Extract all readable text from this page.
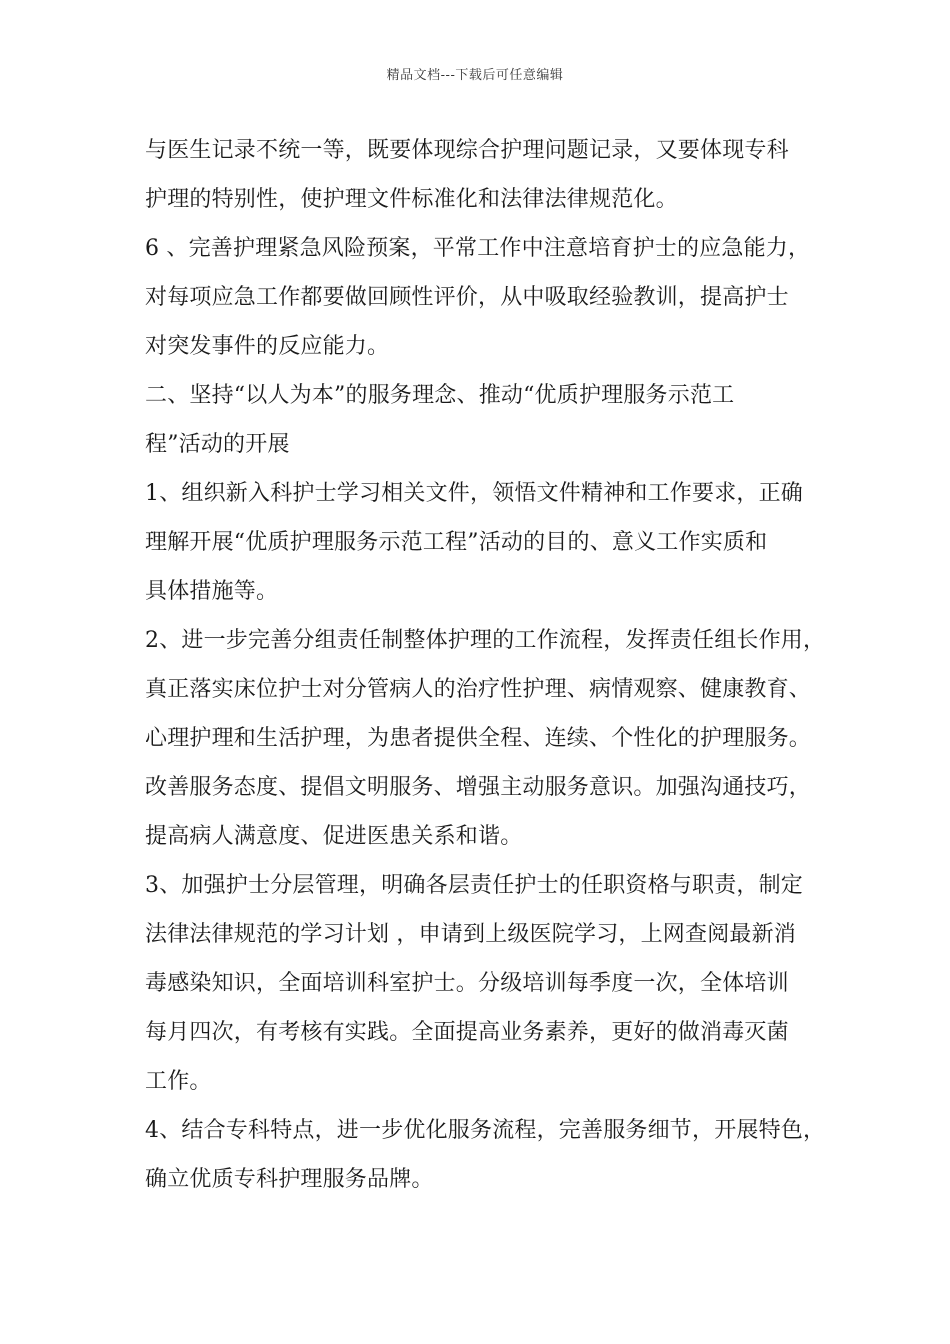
精品文档---下载后可任意编辑
与医生记录不统一等，既要体现综合护理问题记录，又要体现专科
护理的特别性，使护理文件标准化和法律法律规范化。
6 、完善护理紧急风险预案，平常工作中注意培育护士的应急能力，
对每项应急工作都要做回顾性评价，从中吸取经验教训，提高护士
对突发事件的反应能力。
二、坚持“以人为本”的服务理念、推动“优质护理服务示范工
程”活动的开展
1、组织新入科护士学习相关文件，领悟文件精神和工作要求，正确
理解开展“优质护理服务示范工程”活动的目的、意义工作实质和
具体措施等。
2、进一步完善分组责任制整体护理的工作流程，发挥责任组长作用，
真正落实床位护士对分管病人的治疗性护理、病情观察、健康教育、
心理护理和生活护理，为患者提供全程、连续、个性化的护理服务。
改善服务态度、提倡文明服务、增强主动服务意识。加强沟通技巧，
提高病人满意度、促进医患关系和谐。
3、加强护士分层管理，明确各层责任护士的任职资格与职责，制定
法律法律规范的学习计划 ，申请到上级医院学习，上网查阅最新消
毒感染知识，全面培训科室护士。分级培训每季度一次，全体培训
每月四次，有考核有实践。全面提高业务素养，更好的做消毒灭菌
工作。
4、结合专科特点，进一步优化服务流程，完善服务细节，开展特色，
确立优质专科护理服务品牌。
